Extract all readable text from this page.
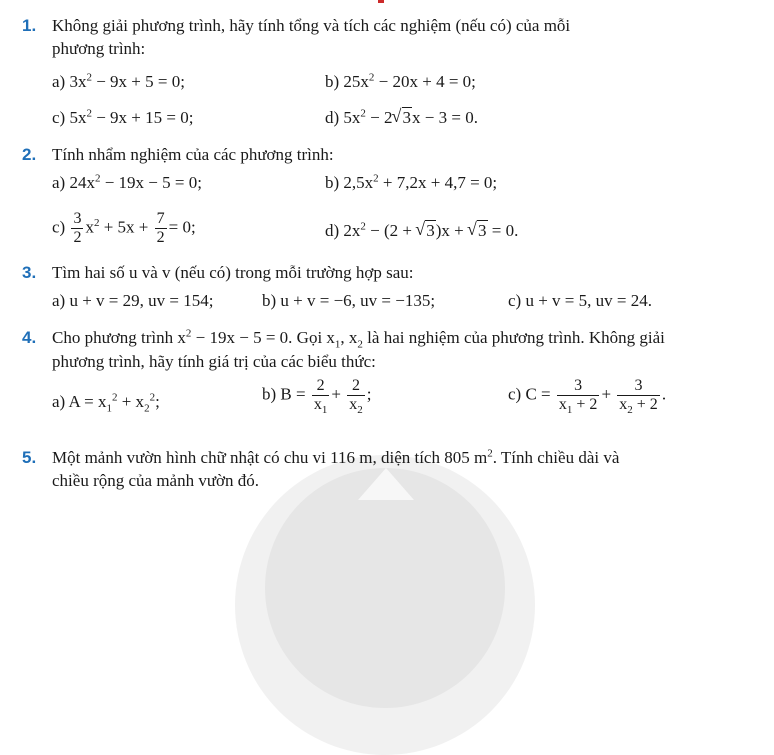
1. Không giải phương trình, hãy tính tổng và tích các nghiệm (nếu có) của mỗi
phương trình:
a) $3x^2 - 9x + 5 = 0$;	b) $25x^2 - 20x + 4 = 0$;
c) $5x^2 - 9x + 15 = 0$;	d) $5x^2 - 2√$ 3x − 3 = 0.
2. Tính nhẩm nghiệm của các phương trình:
a) $24x^2 - 19x - 5 = 0$;	b) $2,5x^2 + 7,2x + 4,7 = 0$;
$c) \frac{3}{2} x^2 + 5x + \frac{7}{2} = 0$;	d) $2x^2 - (2$ + √ 3)x + √ 3 = 0.
3. Tìm hai số u và v (nếu có) trong mỗi trường hợp sau:
a) u + v = 29, uv = 154;	b) u + v = −6, uv = −135;	c) u + v = 5, uv = 24.
4. Cho phương trình $x^2 - 19x - 5 = 0$. Gọi $x_1$, $x_2$ là hai nghiệm của phương trình. Không giải
phương trình, hãy tính giá trị của các biểu thức:
a) $A = x_1^2 + x_2^2$;	b) $B = \frac{2}{x_1} + \frac{2}{x_2}$ ;	c) $C = \frac{3}{x_1 + 2} + \frac{3}{x_2 + 2}$ .
5. Một mảnh vườn hình chữ nhật có chu vi 116 m, diện tích 805 $m^2$. Tính chiều dài và
chiều rộng của mảnh vườn đó.
